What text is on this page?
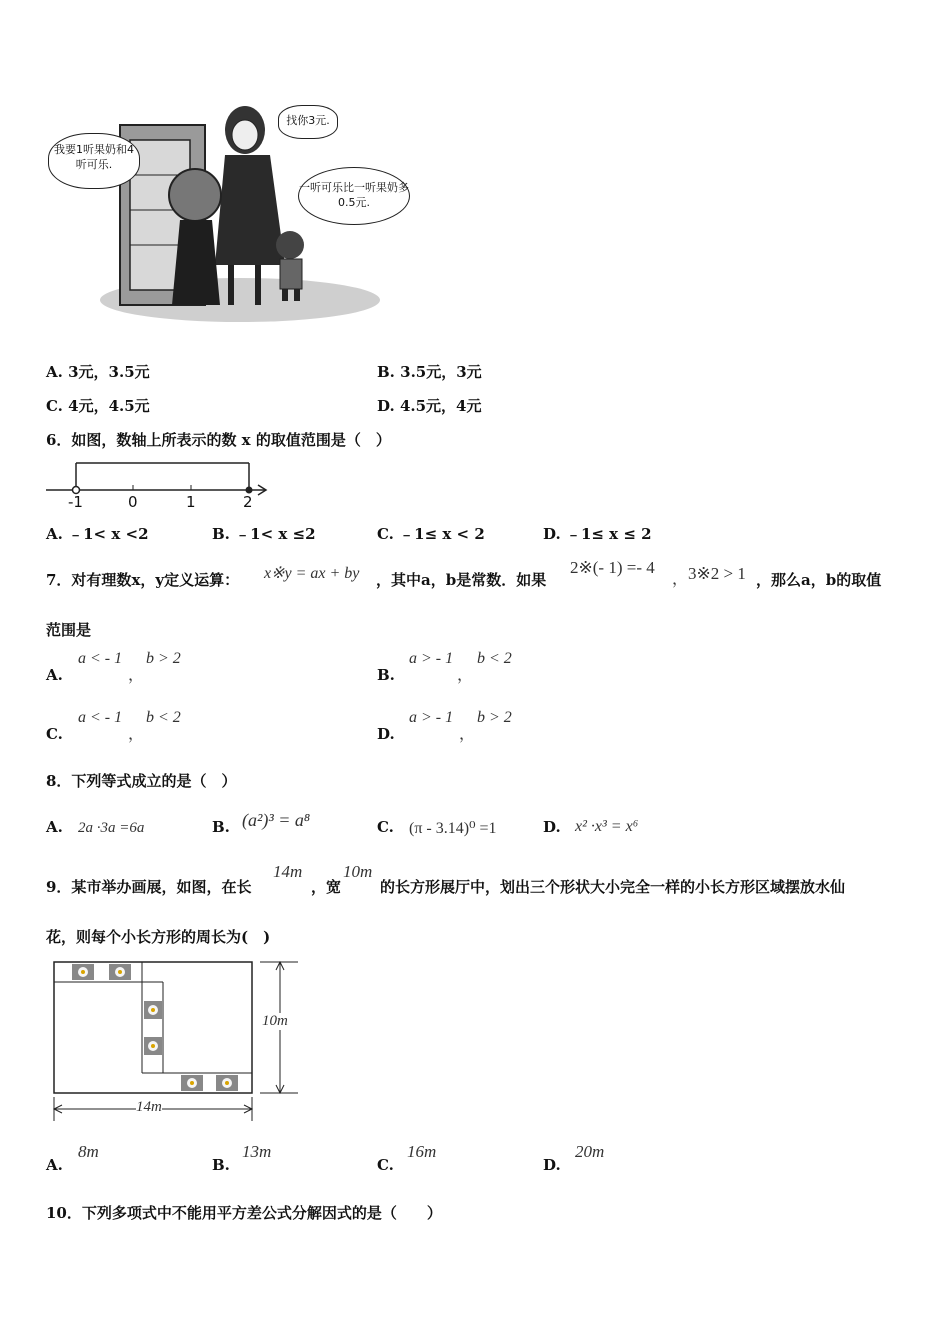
我要1听果奶和4听可乐.
找你3元.
一听可乐比一听果奶多0.5元.
A. 3元，3.5元	B. 3.5元，3元
C. 4元，4.5元	D. 4.5元，4元
6．如图，数轴上所表示的数 x 的取值范围是（　）
-1	0	1	2
A. ﹣1< x <2	B. ﹣1< x ≤2	C. ﹣1≤ x < 2	D. ﹣1≤ x ≤ 2
7．对有理数x，y定义运算： x※y = ax + by ，其中a，b是常数．如果
2※(- 1) =- 4
， 3※2 > 1 ，那么a，b的取值
范围是
A.
a < - 1
，
b > 2
B.
a > - 1
，
b < 2
C.
a < - 1
，
b < 2
D.
a > - 1
，
b > 2
8．下列等式成立的是（　）
A. 2a ·3a =6a	B. (a²)³ = a⁸	C. (π - 3.14)⁰ =1	D. x² ·x³ = x⁶
9．某市举办画展，如图，在长
14m
，宽
10m
的长方形展厅中，划出三个形状大小完全一样的小长方形区域摆放水仙
花，则每个小长方形的周长为(　)
10m
14m
A.
8m
B.
13m
C.
16m
D.
20m
10．下列多项式中不能用平方差公式分解因式的是（　　）
